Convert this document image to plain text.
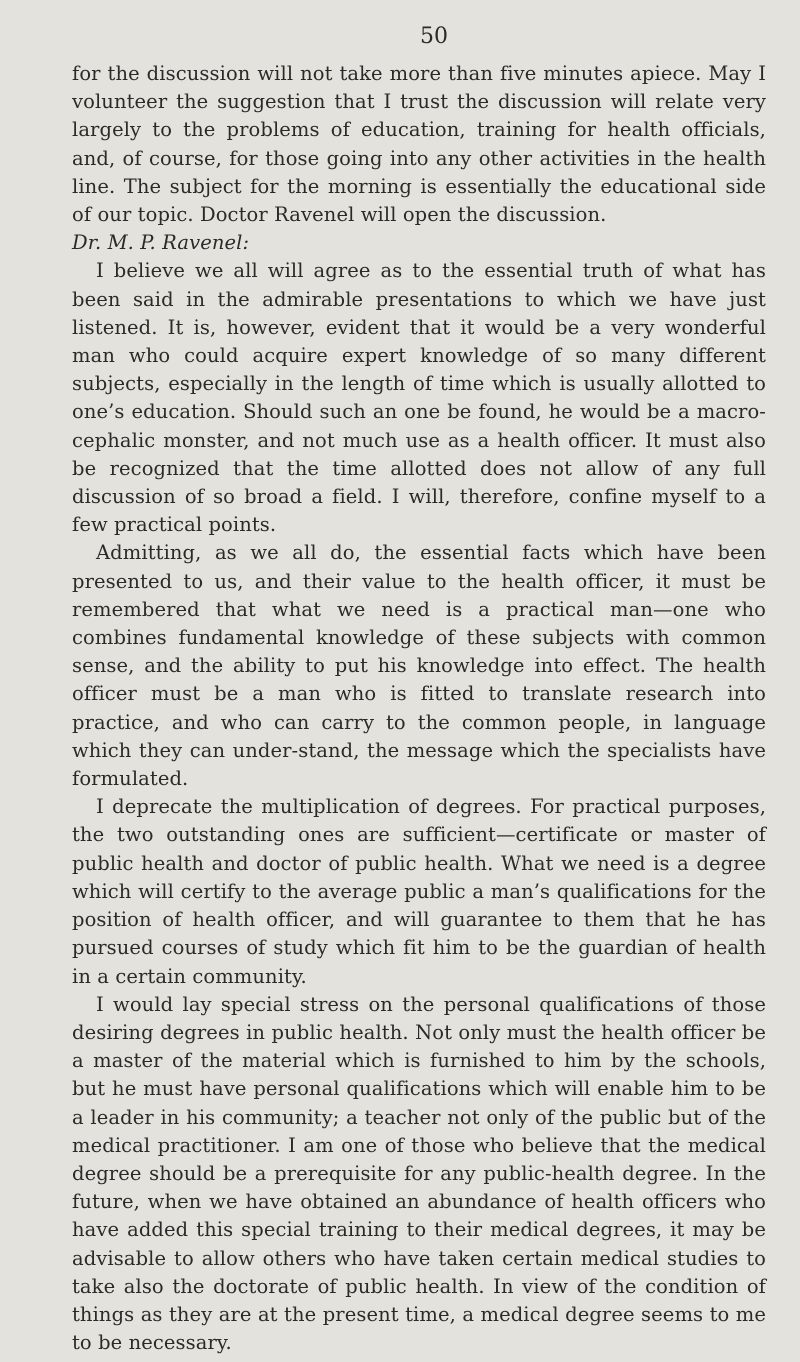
50

for the discussion will not take more than five minutes apiece. May I volunteer the suggestion that I trust the discussion will relate very largely to the problems of education, training for health officials, and, of course, for those going into any other activities in the health line. The subject for the morning is essentially the educational side of our topic. Doctor Ravenel will open the discussion.

Dr. M. P. Ravenel:

I believe we all will agree as to the essential truth of what has been said in the admirable presentations to which we have just listened. It is, however, evident that it would be a very wonderful man who could acquire expert knowledge of so many different subjects, especially in the length of time which is usually allotted to one’s education. Should such an one be found, he would be a macro-cephalic monster, and not much use as a health officer. It must also be recognized that the time allotted does not allow of any full discussion of so broad a field. I will, therefore, confine myself to a few practical points.

Admitting, as we all do, the essential facts which have been presented to us, and their value to the health officer, it must be remembered that what we need is a practical man—one who combines fundamental knowledge of these subjects with common sense, and the ability to put his knowledge into effect. The health officer must be a man who is fitted to translate research into practice, and who can carry to the common people, in language which they can under-stand, the message which the specialists have formulated.

I deprecate the multiplication of degrees. For practical purposes, the two outstanding ones are sufficient—certificate or master of public health and doctor of public health. What we need is a degree which will certify to the average public a man’s qualifications for the position of health officer, and will guarantee to them that he has pursued courses of study which fit him to be the guardian of health in a certain community.

I would lay special stress on the personal qualifications of those desiring degrees in public health. Not only must the health officer be a master of the material which is furnished to him by the schools, but he must have personal qualifications which will enable him to be a leader in his community; a teacher not only of the public but of the medical practitioner. I am one of those who believe that the medical degree should be a prerequisite for any public-health degree. In the future, when we have obtained an abundance of health officers who have added this special training to their medical degrees, it may be advisable to allow others who have taken certain medical studies to take also the doctorate of public health. In view of the condition of things as they are at the present time, a medical degree seems to me to be necessary.
